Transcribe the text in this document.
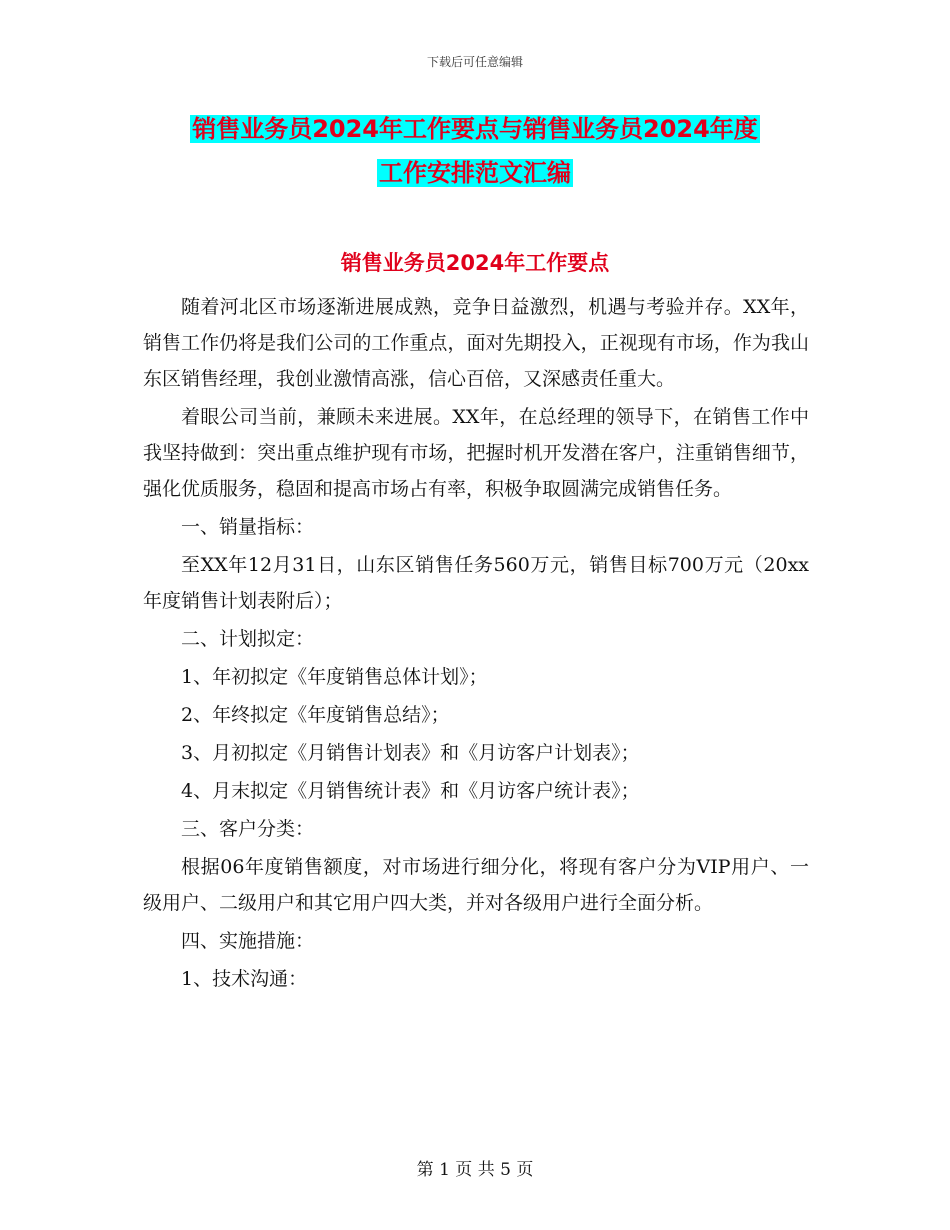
下载后可任意编辑
销售业务员2024年工作要点与销售业务员2024年度
工作安排范文汇编
销售业务员2024年工作要点

随着河北区市场逐渐进展成熟，竞争日益激烈，机遇与考验并存。XX年，销售工作仍将是我们公司的工作重点，面对先期投入，正视现有市场，作为我山东区销售经理，我创业激情高涨，信心百倍，又深感责任重大。

着眼公司当前，兼顾未来进展。XX年，在总经理的领导下，在销售工作中我坚持做到：突出重点维护现有市场，把握时机开发潜在客户，注重销售细节，强化优质服务，稳固和提高市场占有率，积极争取圆满完成销售任务。

一、销量指标：

至XX年12月31日，山东区销售任务560万元，销售目标700万元（20xx年度销售计划表附后）；

二、计划拟定：

1、年初拟定《年度销售总体计划》；

2、年终拟定《年度销售总结》；

3、月初拟定《月销售计划表》和《月访客户计划表》；

4、月末拟定《月销售统计表》和《月访客户统计表》；

三、客户分类：

根据06年度销售额度，对市场进行细分化，将现有客户分为VIP用户、一级用户、二级用户和其它用户四大类，并对各级用户进行全面分析。

四、实施措施：

1、技术沟通：

第 1 页 共 5 页
